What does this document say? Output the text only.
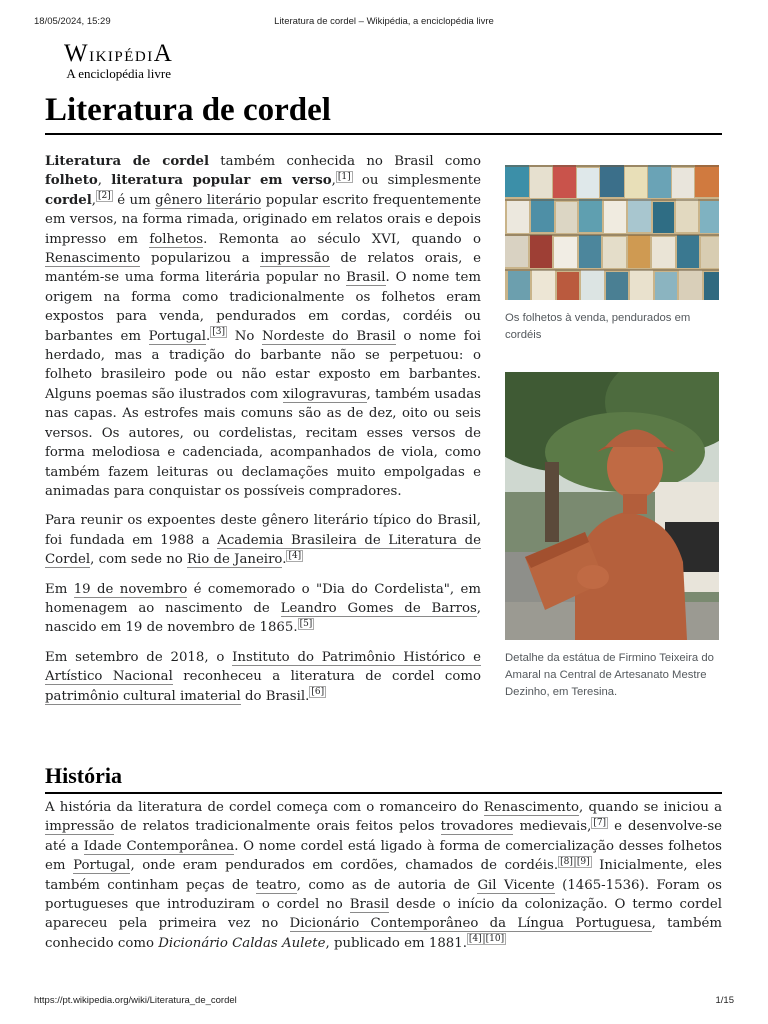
Literatura de cordel – Wikipédia, a enciclopédia livre
18/05/2024, 15:29
WikipédiA
A enciclopédia livre
Literatura de cordel

Literatura de cordel também conhecida no Brasil como folheto, literatura popular em verso, [1] ou simplesmente cordel, [2] é um gênero literário popular escrito frequentemente em versos, na forma rimada, originado em relatos orais e depois impresso em folhetos. Remonta ao século XVI, quando o Renascimento popularizou a impressão de relatos orais, e mantém-se uma forma literária popular no Brasil. O nome tem origem na forma como tradicionalmente os folhetos eram expostos para venda, pendurados em cordas, cordéis ou barbantes em Portugal. [3] No Nordeste do Brasil o nome foi herdado, mas a tradição do barbante não se perpetuou: o folheto brasileiro pode ou não estar exposto em barbantes. Alguns poemas são ilustrados com xilogravuras, também usadas nas capas. As estrofes mais comuns são as de dez, oito ou seis versos. Os autores, ou cordelistas, recitam esses versos de forma melodiosa e cadenciada, acompanhados de viola, como também fazem leituras ou declamações muito empolgadas e animadas para conquistar os possíveis compradores.

Para reunir os expoentes deste gênero literário típico do Brasil, foi fundada em 1988 a Academia Brasileira de Literatura de Cordel, com sede no Rio de Janeiro. [4]

Em 19 de novembro é comemorado o "Dia do Cordelista", em homenagem ao nascimento de Leandro Gomes de Barros, nascido em 19 de novembro de 1865. [5]

Em setembro de 2018, o Instituto do Patrimônio Histórico e Artístico Nacional reconheceu a literatura de cordel como patrimônio cultural imaterial do Brasil. [6]

Os folhetos à venda, pendurados em cordéis
Detalhe da estátua de Firmino Teixeira do Amaral na Central de Artesanato Mestre Dezinho, em Teresina.
História

A história da literatura de cordel começa com o romanceiro do Renascimento, quando se iniciou a impressão de relatos tradicionalmente orais feitos pelos trovadores medievais, [7] e desenvolve-se até a Idade Contemporânea. O nome cordel está ligado à forma de comercialização desses folhetos em Portugal, onde eram pendurados em cordões, chamados de cordéis. [8] [9] Inicialmente, eles também continham peças de teatro, como as de autoria de Gil Vicente (1465-1536). Foram os portugueses que introduziram o cordel no Brasil desde o início da colonização. O termo cordel apareceu pela primeira vez no Dicionário Contemporâneo da Língua Portuguesa, também conhecido como Dicionário Caldas Aulete, publicado em 1881. [4] [10]

https://pt.wikipedia.org/wiki/Literatura_de_cordel	1/15
